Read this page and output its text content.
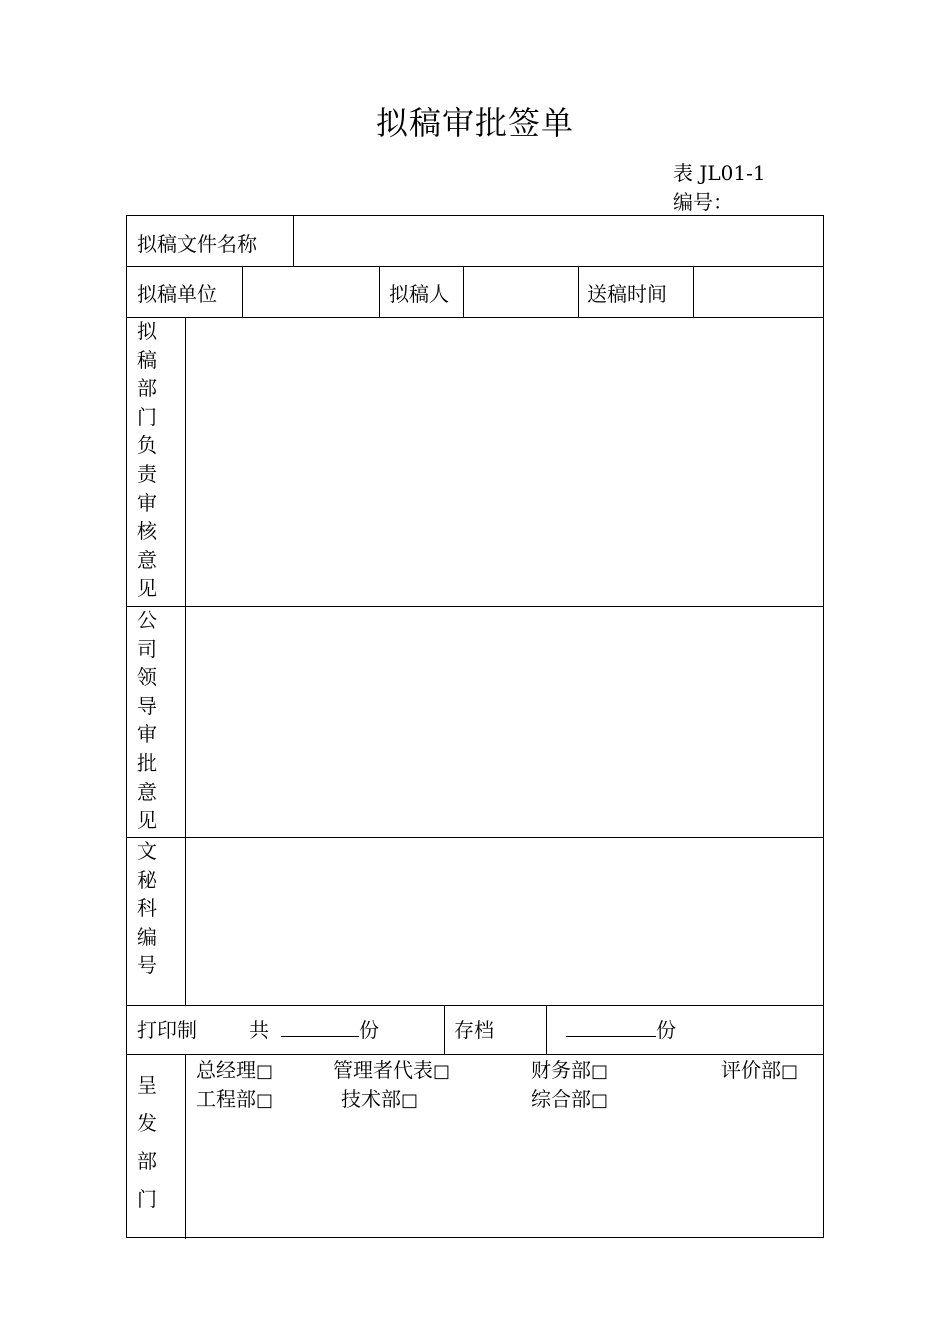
拟稿审批签单
表 JL01-1
编号：
拟稿文件名称
拟稿单位	拟稿人	送稿时间
拟
稿
部
门
负
责
审
核
意
见
公
司
领
导
审
批
意
见
文
秘
科
编
号
打印制	共	份	存档	份
呈
发
部
门
总经理□	管理者代表□	财务部□	评价部□
工程部□	技术部□	综合部□
